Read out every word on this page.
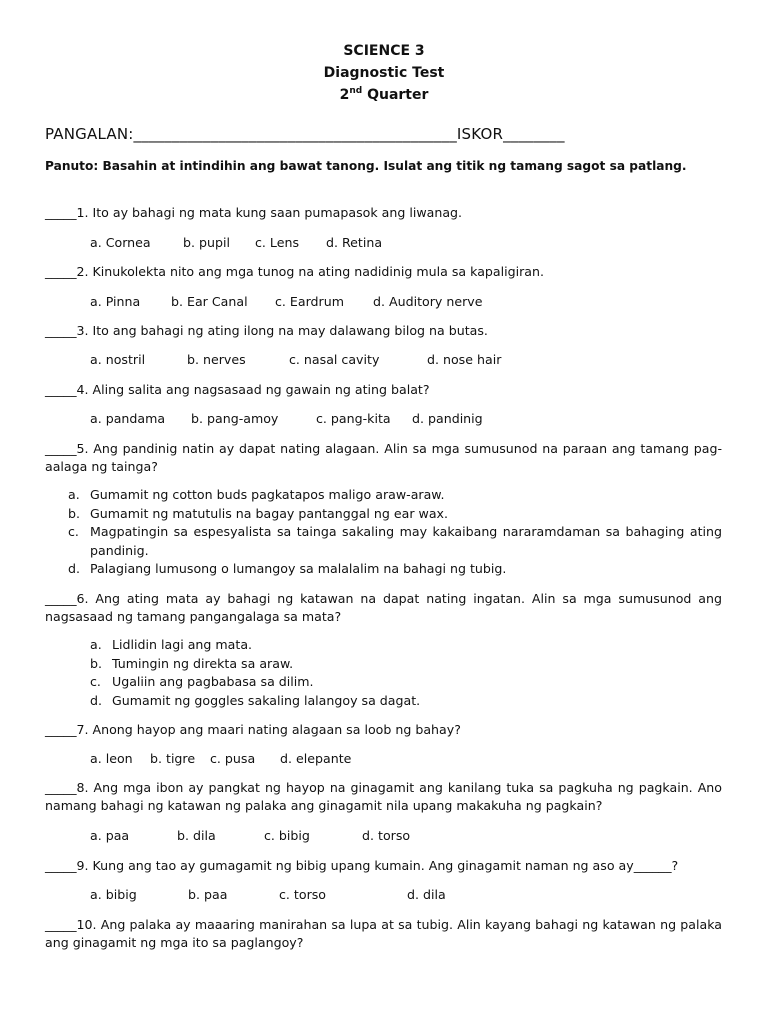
SCIENCE 3
Diagnostic Test
2nd Quarter
PANGALAN:__________________________________________ISKOR________
Panuto: Basahin at intindihin ang bawat tanong. Isulat ang titik ng tamang sagot sa patlang.
_____1. Ito ay bahagi ng mata kung saan pumapasok ang liwanag.
a. Cornea	b. pupil c. Lens d. Retina
_____2. Kinukolekta nito ang mga tunog na ating nadidinig mula sa kapaligiran.
a. Pinna b. Ear Canal c. Eardrum d. Auditory nerve
_____3. Ito ang bahagi ng ating ilong na may dalawang bilog na butas.
a. nostril	b. nerves	c. nasal cavity	d. nose hair
_____4. Aling salita ang nagsasaad ng gawain ng ating balat?
a. pandama b. pang-amoy	c. pang-kita d. pandinig
_____5. Ang pandinig natin ay dapat nating alagaan. Alin sa mga sumusunod na paraan ang tamang pag-aalaga ng tainga?
a. Gumamit ng cotton buds pagkatapos maligo araw-araw.
b. Gumamit ng matutulis na bagay pantanggal ng ear wax.
c. Magpatingin sa espesyalista sa tainga sakaling may kakaibang nararamdaman sa bahaging ating pandinig.
d. Palagiang lumusong o lumangoy sa malalalim na bahagi ng tubig.
_____6. Ang ating mata ay bahagi ng katawan na dapat nating ingatan. Alin sa mga sumusunod ang nagsasaad ng tamang pangangalaga sa mata?
a. Lidlidin lagi ang mata.
b. Tumingin ng direkta sa araw.
c. Ugaliin ang pagbabasa sa dilim.
d. Gumamit ng goggles sakaling lalangoy sa dagat.
_____7. Anong hayop ang maari nating alagaan sa loob ng bahay?
a. leon b. tigre c. pusa d. elepante
_____8. Ang mga ibon ay pangkat ng hayop na ginagamit ang kanilang tuka sa pagkuha ng pagkain. Ano namang bahagi ng katawan ng palaka ang ginagamit nila upang makakuha ng pagkain?
a. paa	b. dila	c. bibig	d. torso
_____9. Kung ang tao ay gumagamit ng bibig upang kumain. Ang ginagamit naman ng aso ay______?
a. bibig	b. paa	c. torso	d. dila
_____10. Ang palaka ay maaaring manirahan sa lupa at sa tubig. Alin kayang bahagi ng katawan ng palaka ang ginagamit ng mga ito sa paglangoy?
